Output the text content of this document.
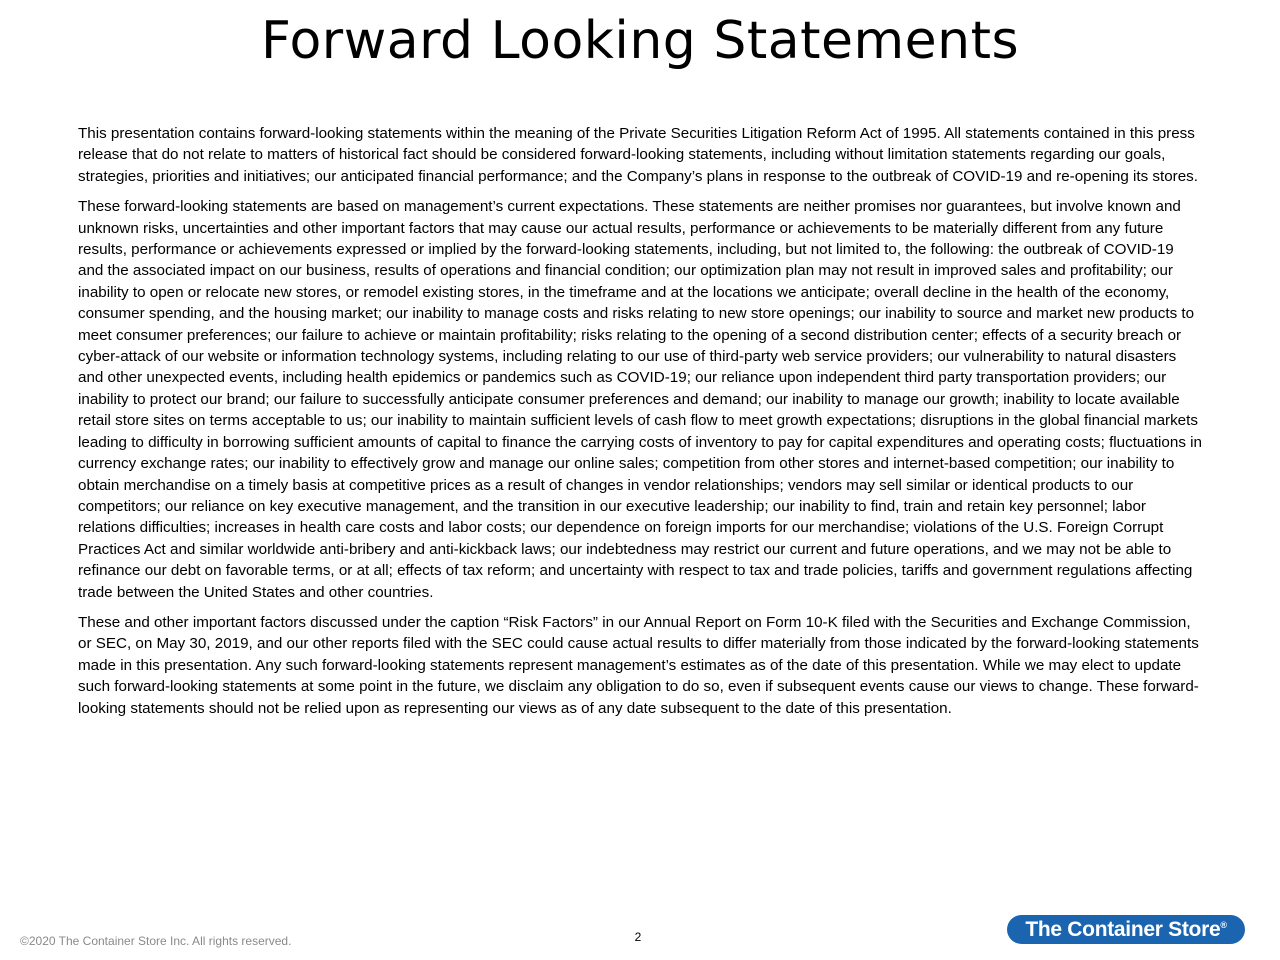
Forward Looking Statements

This presentation contains forward-looking statements within the meaning of the Private Securities Litigation Reform Act of 1995. All statements contained in this press release that do not relate to matters of historical fact should be considered forward-looking statements, including without limitation statements regarding our goals, strategies, priorities and initiatives; our anticipated financial performance; and the Company’s plans in response to the outbreak of COVID-19 and re-opening its stores.

These forward-looking statements are based on management’s current expectations. These statements are neither promises nor guarantees, but involve known and unknown risks, uncertainties and other important factors that may cause our actual results, performance or achievements to be materially different from any future results, performance or achievements expressed or implied by the forward-looking statements, including, but not limited to, the following: the outbreak of COVID-19 and the associated impact on our business, results of operations and financial condition; our optimization plan may not result in improved sales and profitability; our inability to open or relocate new stores, or remodel existing stores, in the timeframe and at the locations we anticipate; overall decline in the health of the economy, consumer spending, and the housing market; our inability to manage costs and risks relating to new store openings; our inability to source and market new products to meet consumer preferences; our failure to achieve or maintain profitability; risks relating to the opening of a second distribution center; effects of a security breach or cyber-attack of our website or information technology systems, including relating to our use of third-party web service providers; our vulnerability to natural disasters and other unexpected events, including health epidemics or pandemics such as COVID-19; our reliance upon independent third party transportation providers; our inability to protect our brand; our failure to successfully anticipate consumer preferences and demand; our inability to manage our growth; inability to locate available retail store sites on terms acceptable to us; our inability to maintain sufficient levels of cash flow to meet growth expectations; disruptions in the global financial markets leading to difficulty in borrowing sufficient amounts of capital to finance the carrying costs of inventory to pay for capital expenditures and operating costs; fluctuations in currency exchange rates; our inability to effectively grow and manage our online sales; competition from other stores and internet-based competition; our inability to obtain merchandise on a timely basis at competitive prices as a result of changes in vendor relationships; vendors may sell similar or identical products to our competitors; our reliance on key executive management, and the transition in our executive leadership; our inability to find, train and retain key personnel; labor relations difficulties; increases in health care costs and labor costs; our dependence on foreign imports for our merchandise; violations of the U.S. Foreign Corrupt Practices Act and similar worldwide anti-bribery and anti-kickback laws; our indebtedness may restrict our current and future operations, and we may not be able to refinance our debt on favorable terms, or at all; effects of tax reform; and uncertainty with respect to tax and trade policies, tariffs and government regulations affecting trade between the United States and other countries.

These and other important factors discussed under the caption “Risk Factors” in our Annual Report on Form 10-K filed with the Securities and Exchange Commission, or SEC, on May 30, 2019, and our other reports filed with the SEC could cause actual results to differ materially from those indicated by the forward-looking statements made in this presentation. Any such forward-looking statements represent management’s estimates as of the date of this presentation. While we may elect to update such forward-looking statements at some point in the future, we disclaim any obligation to do so, even if subsequent events cause our views to change. These forward-looking statements should not be relied upon as representing our views as of any date subsequent to the date of this presentation.

©2020 The Container Store Inc. All rights reserved.	2	The Container Store®
